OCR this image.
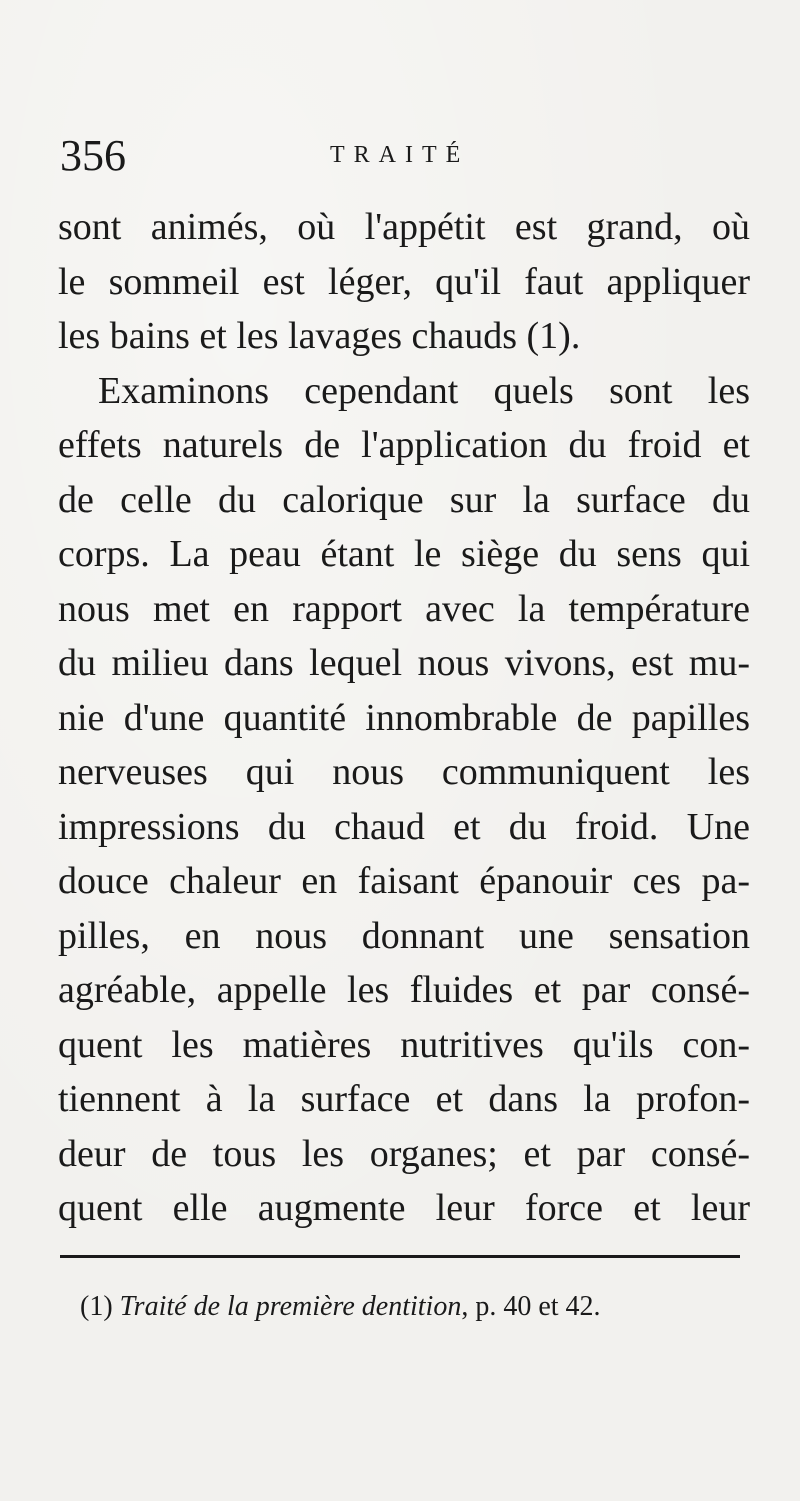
356	TRAITÉ
sont animés, où l'appétit est grand, où
le sommeil est léger, qu'il faut appliquer
les bains et les lavages chauds (1).
Examinons cependant quels sont les
effets naturels de l'application du froid et
de celle du calorique sur la surface du
corps. La peau étant le siège du sens qui
nous met en rapport avec la température
du milieu dans lequel nous vivons, est mu-
nie d'une quantité innombrable de papilles
nerveuses qui nous communiquent les
impressions du chaud et du froid. Une
douce chaleur en faisant épanouir ces pa-
pilles, en nous donnant une sensation
agréable, appelle les fluides et par consé-
quent les matières nutritives qu'ils con-
tiennent à la surface et dans la profon-
deur de tous les organes; et par consé-
quent elle augmente leur force et leur
(1) Traité de la première dentition, p. 40 et 42.
